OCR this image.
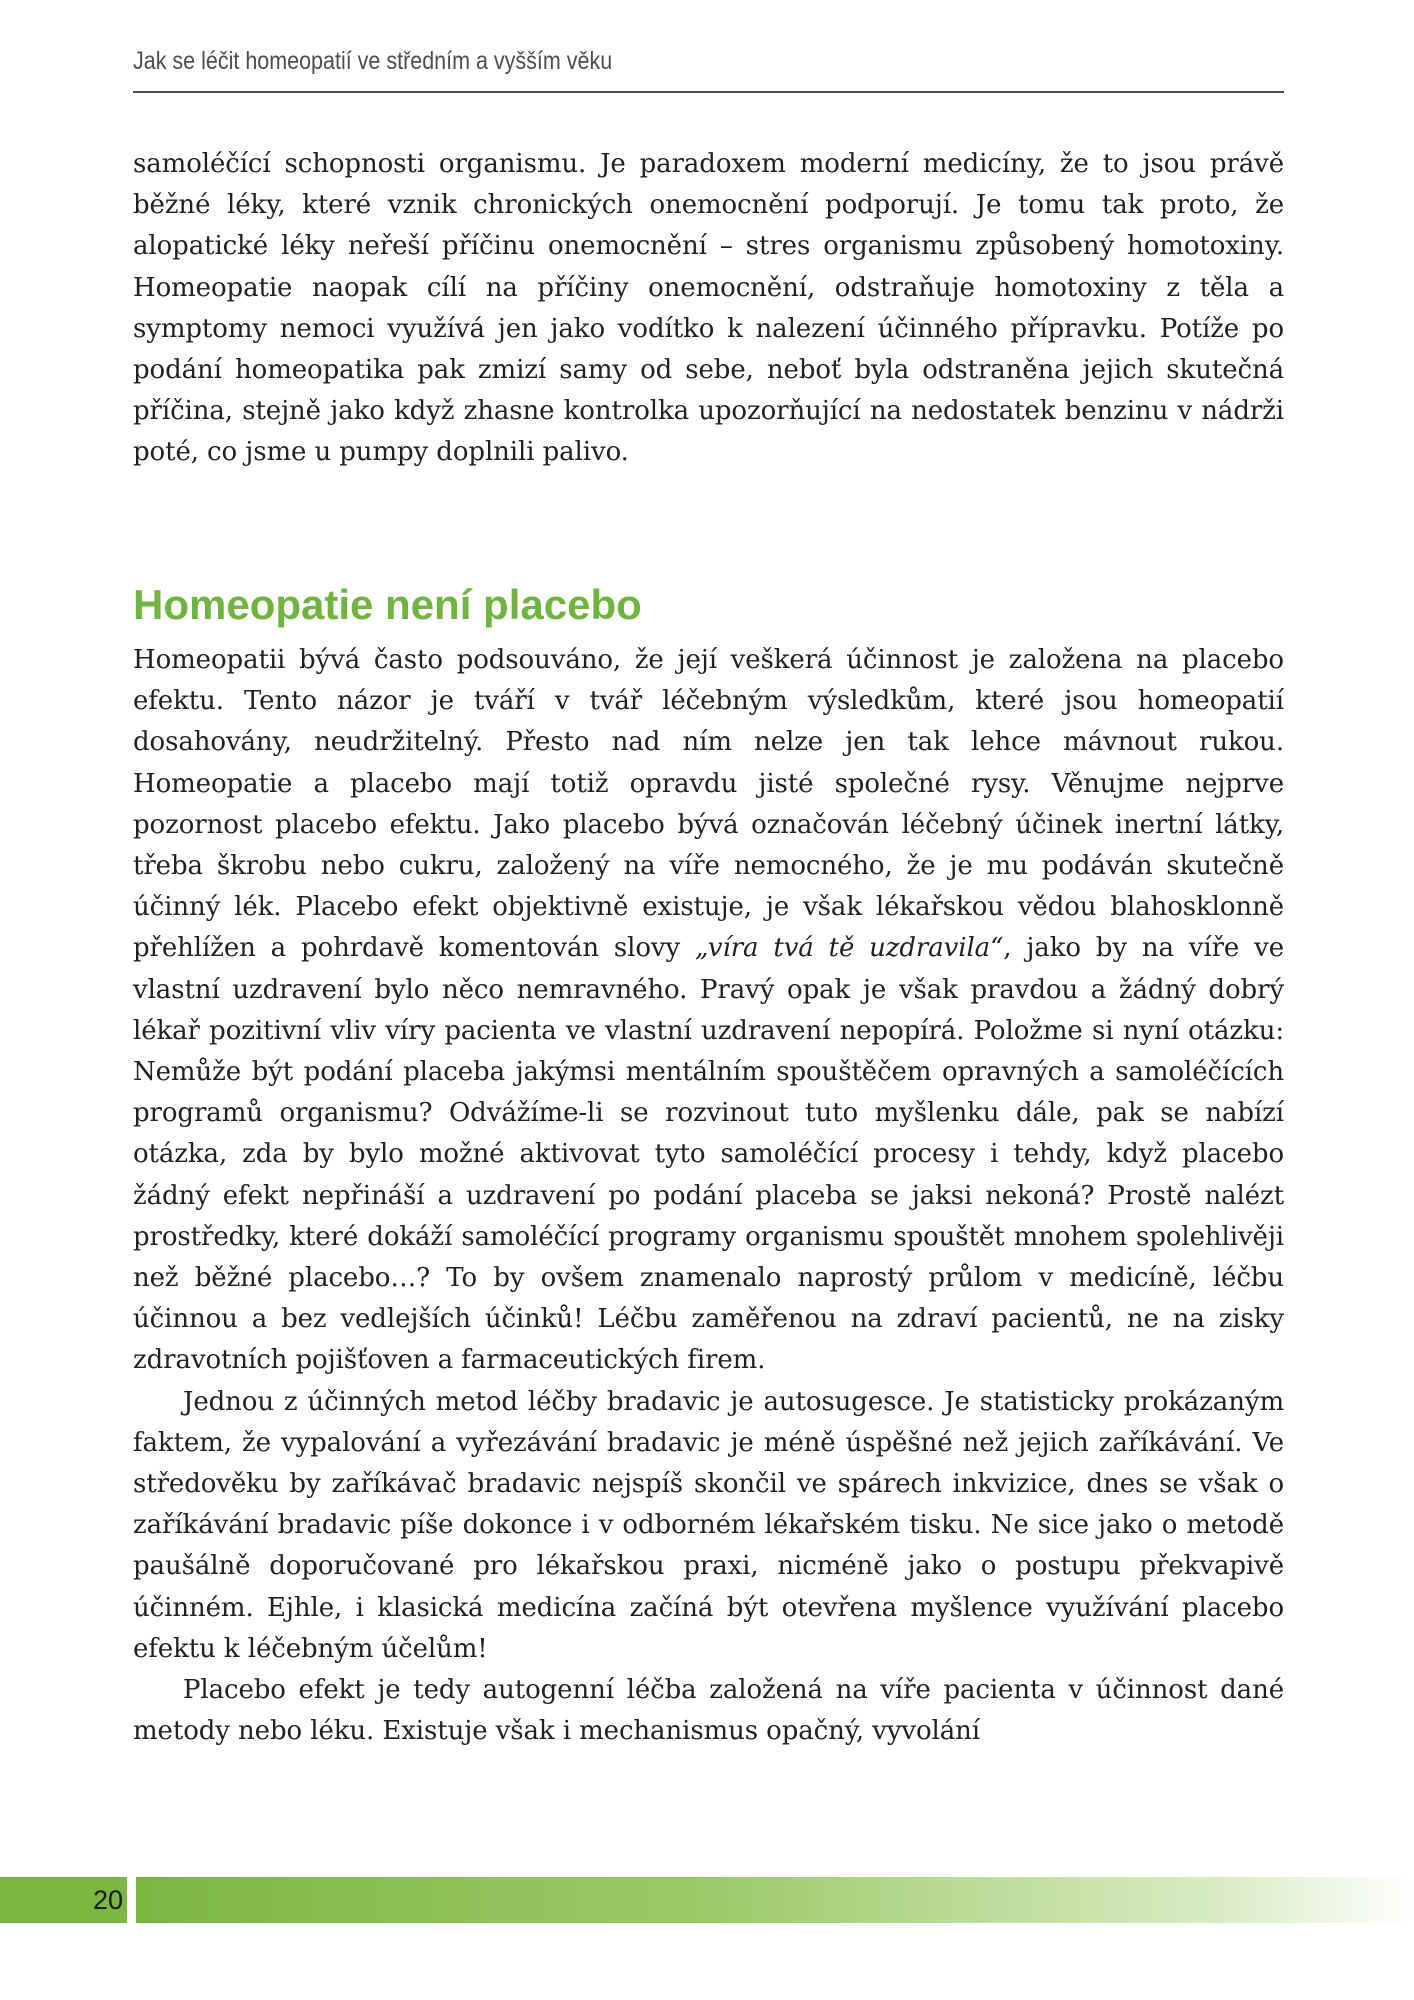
Jak se léčit homeopatií ve středním a vyšším věku

samoléčící schopnosti organismu. Je paradoxem moderní medicíny, že to jsou právě běžné léky, které vznik chronických onemocnění podporují. Je tomu tak proto, že alopatické léky neřeší příčinu onemocnění – stres organismu způsobený homotoxiny. Homeopatie naopak cílí na příčiny onemocnění, odstraňuje homotoxiny z těla a symptomy nemoci využívá jen jako vodítko k nalezení účinného přípravku. Potíže po podání homeopatika pak zmizí samy od sebe, neboť byla odstraněna jejich skutečná příčina, stejně jako když zhasne kontrolka upozorňující na nedostatek benzinu v nádrži poté, co jsme u pumpy doplnili palivo.

Homeopatie není placebo

Homeopatii bývá často podsouváno, že její veškerá účinnost je založena na placebo efektu. Tento názor je tváří v tvář léčebným výsledkům, které jsou homeopatií dosahovány, neudržitelný. Přesto nad ním nelze jen tak lehce mávnout rukou. Homeopatie a placebo mají totiž opravdu jisté společné rysy. Věnujme nejprve pozornost placebo efektu. Jako placebo bývá označován léčebný účinek inertní látky, třeba škrobu nebo cukru, založený na víře nemocného, že je mu podáván skutečně účinný lék. Placebo efekt objektivně existuje, je však lékařskou vědou blahosklonně přehlížen a pohrdavě komentován slovy „víra tvá tě uzdravila“, jako by na víře ve vlastní uzdravení bylo něco nemravného. Pravý opak je však pravdou a žádný dobrý lékař pozitivní vliv víry pacienta ve vlastní uzdravení nepopírá. Položme si nyní otázku: Nemůže být podání placeba jakýmsi mentálním spouštěčem opravných a samoléčících programů organismu? Odvážíme-li se rozvinout tuto myšlenku dále, pak se nabízí otázka, zda by bylo možné aktivovat tyto samoléčící procesy i tehdy, když placebo žádný efekt nepřináší a uzdravení po podání placeba se jaksi nekoná? Prostě nalézt prostředky, které dokáží samoléčící programy organismu spouštět mnohem spolehlivěji než běžné placebo…? To by ovšem znamenalo naprostý průlom v medicíně, léčbu účinnou a bez vedlejších účinků! Léčbu zaměřenou na zdraví pacientů, ne na zisky zdravotních pojišťoven a farmaceutických firem.

Jednou z účinných metod léčby bradavic je autosugesce. Je statisticky prokázaným faktem, že vypalování a vyřezávání bradavic je méně úspěšné než jejich zaříkávání. Ve středověku by zaříkávač bradavic nejspíš skončil ve spárech inkvizice, dnes se však o zaříkávání bradavic píše dokonce i v odborném lékařském tisku. Ne sice jako o metodě paušálně doporučované pro lékařskou praxi, nicméně jako o postupu překvapivě účinném. Ejhle, i klasická medicína začíná být otevřena myšlence využívání placebo efektu k léčebným účelům!

Placebo efekt je tedy autogenní léčba založená na víře pacienta v účinnost dané metody nebo léku. Existuje však i mechanismus opačný, vyvolání

20
